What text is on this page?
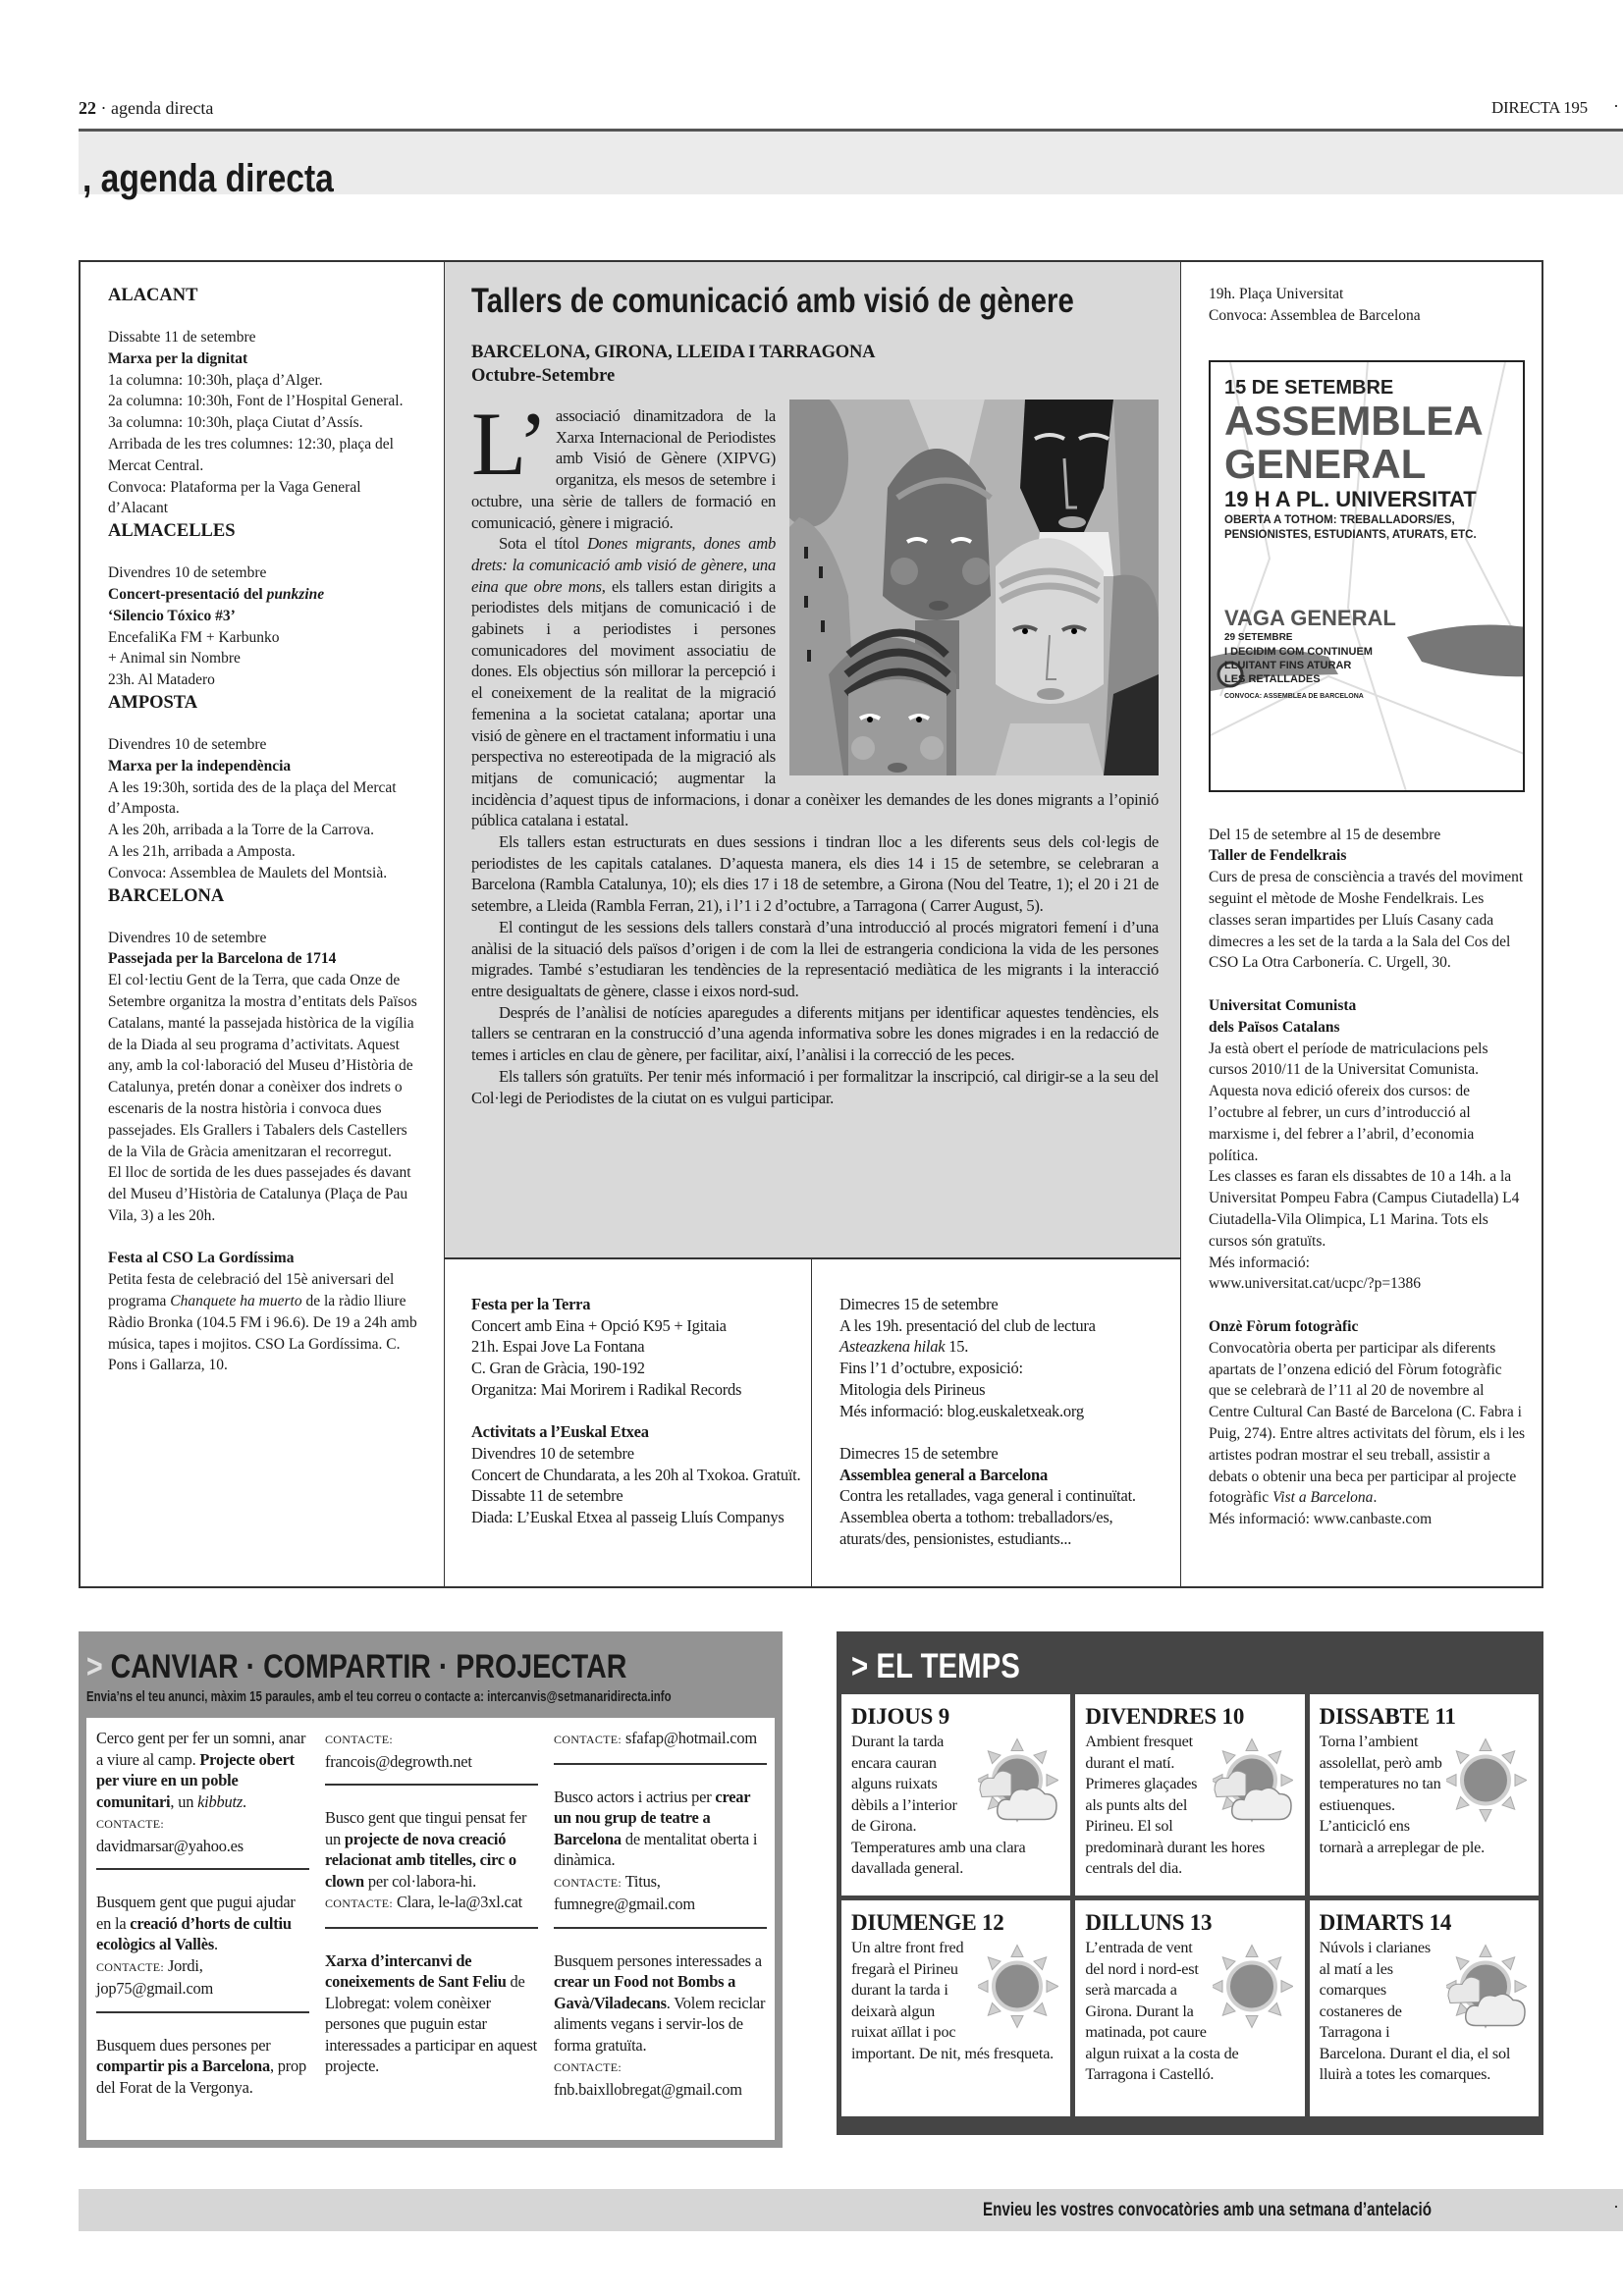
22 · agenda directa	DIRECTA 195 ·
, agenda directa
ALACANT
Dissabte 11 de setembre
Marxa per la dignitat
1a columna: 10:30h, plaça d’Alger.
2a columna: 10:30h, Font de l’Hospital General.
3a columna: 10:30h, plaça Ciutat d’Assís.
Arribada de les tres columnes: 12:30, plaça del Mercat Central.
Convoca: Plataforma per la Vaga General d’Alacant
ALMACELLES
Divendres 10 de setembre
Concert-presentació del punkzine
‘Silencio Tóxico #3’
EncefaliKa FM + Karbunko
+ Animal sin Nombre
23h. Al Matadero
AMPOSTA
Divendres 10 de setembre
Marxa per la independència
A les 19:30h, sortida des de la plaça del Mercat d’Amposta.
A les 20h, arribada a la Torre de la Carrova.
A les 21h, arribada a Amposta.
Convoca: Assemblea de Maulets del Montsià.
BARCELONA
Divendres 10 de setembre
Passejada per la Barcelona de 1714
El col·lectiu Gent de la Terra, que cada Onze de Setembre organitza la mostra d’entitats dels Països Catalans, manté la passejada històrica de la vigília de la Diada al seu programa d’activitats. Aquest any, amb la col·laboració del Museu d’Història de Catalunya, pretén donar a conèixer dos indrets o escenaris de la nostra història i convoca dues passejades. Els Grallers i Tabalers dels Castellers de la Vila de Gràcia amenitzaran el recorregut.
El lloc de sortida de les dues passejades és davant del Museu d’Història de Catalunya (Plaça de Pau Vila, 3) a les 20h.
Festa al CSO La Gordíssima
Petita festa de celebració del 15è aniversari del programa Chanquete ha muerto de la ràdio lliure Ràdio Bronka (104.5 FM i 96.6). De 19 a 24h amb música, tapes i mojitos. CSO La Gordíssima. C. Pons i Gallarza, 10.
Tallers de comunicació amb visió de gènere
BARCELONA, GIRONA, LLEIDA I TARRAGONA
Octubre-Setembre
L’ associació dinamitzadora de la Xarxa Internacional de Periodistes amb Visió de Gènere (XIPVG) organitza, els mesos de setembre i octubre, una sèrie de tallers de formació en comunicació, gènere i migració.

Sota el títol Dones migrants, dones amb drets: la comunicació amb visió de gènere, una eina que obre mons, els tallers estan dirigits a periodistes dels mitjans de comunicació i de gabinets i a periodistes i persones comunicadores del moviment associatiu de dones. Els objectius són millorar la percepció i el coneixement de la realitat de la migració femenina a la societat catalana; aportar una visió de gènere en el tractament informatiu i una perspectiva no estereotipada de la migració als mitjans de comunicació; augmentar la incidència d’aquest tipus de informacions, i donar a conèixer les demandes de les dones migrants a l’opinió pública catalana i estatal.

Els tallers estan estructurats en dues sessions i tindran lloc a les diferents seus dels col·legis de periodistes de les capitals catalanes. D’aquesta manera, els dies 14 i 15 de setembre, se celebraran a Barcelona (Rambla Catalunya, 10); els dies 17 i 18 de setembre, a Girona (Nou del Teatre, 1); el 20 i 21 de setembre, a Lleida (Rambla Ferran, 21), i l’1 i 2 d’octubre, a Tarragona ( Carrer August, 5).

El contingut de les sessions dels tallers constarà d’una introducció al procés migratori femení i d’una anàlisi de la situació dels països d’origen i de com la llei de estrangeria condiciona la vida de les persones migrades. També s’estudiaran les tendències de la representació mediàtica de les migrants i la interacció entre desigualtats de gènere, classe i eixos nord-sud.

Després de l’anàlisi de notícies aparegudes a diferents mitjans per identificar aquestes tendències, els tallers se centraran en la construcció d’una agenda informativa sobre les dones migrades i en la redacció de temes i articles en clau de gènere, per facilitar, així, l’anàlisi i la correcció de les peces.

Els tallers són gratuïts. Per tenir més informació i per formalitzar la inscripció, cal dirigir-se a la seu del Col·legi de Periodistes de la ciutat on es vulgui participar.

Festa per la Terra
Concert amb Eina + Opció K95 + Igitaia
21h. Espai Jove La Fontana
C. Gran de Gràcia, 190-192
Organitza: Mai Morirem i Radikal Records
Activitats a l’Euskal Etxea
Divendres 10 de setembre
Concert de Chundarata, a les 20h al Txokoa. Gratuït.
Dissabte 11 de setembre
Diada: L’Euskal Etxea al passeig Lluís Companys
Dimecres 15 de setembre
A les 19h. presentació del club de lectura
Asteazkena hilak 15.
Fins l’1 d’octubre, exposició:
Mitologia dels Pirineus
Més informació: blog.euskaletxeak.org
Dimecres 15 de setembre
Assemblea general a Barcelona
Contra les retallades, vaga general i continuïtat. Assemblea oberta a tothom: treballadors/es, aturats/des, pensionistes, estudiants...
19h. Plaça Universitat
Convoca: Assemblea de Barcelona
15 DE SETEMBRE
ASSEMBLEA
GENERAL
19 H A PL. UNIVERSITAT
OBERTA A TOTHOM: TREBALLADORS/ES,
PENSIONISTES, ESTUDIANTS, ATURATS, ETC.
VAGA GENERAL
29 SETEMBRE
I DECIDIM COM CONTINUEM
LLUITANT FINS ATURAR
LES RETALLADES
CONVOCA: ASSEMBLEA DE BARCELONA
Del 15 de setembre al 15 de desembre
Taller de Fendelkrais
Curs de presa de consciència a través del moviment seguint el mètode de Moshe Fendelkrais. Les classes seran impartides per Lluís Casany cada dimecres a les set de la tarda a la Sala del Cos del CSO La Otra Carbonería. C. Urgell, 30.
Universitat Comunista
dels Països Catalans
Ja està obert el període de matriculacions pels cursos 2010/11 de la Universitat Comunista. Aquesta nova edició ofereix dos cursos: de l’octubre al febrer, un curs d’introducció al marxisme i, del febrer a l’abril, d’economia política.
Les classes es faran els dissabtes de 10 a 14h. a la Universitat Pompeu Fabra (Campus Ciutadella) L4 Ciutadella-Vila Olimpica, L1 Marina. Tots els cursos són gratuïts.
Més informació:
www.universitat.cat/ucpc/?p=1386
Onzè Fòrum fotogràfic
Convocatòria oberta per participar als diferents apartats de l’onzena edició del Fòrum fotogràfic que se celebrarà de l’11 al 20 de novembre al Centre Cultural Can Basté de Barcelona (C. Fabra i Puig, 274). Entre altres activitats del fòrum, els i les artistes podran mostrar el seu treball, assistir a debats o obtenir una beca per participar al projecte fotogràfic Vist a Barcelona.
Més informació: www.canbaste.com
> CANVIAR · COMPARTIR · PROJECTAR
Envia’ns el teu anunci, màxim 15 paraules, amb el teu correu o contacte a: intercanvis@setmanaridirecta.info
Cerco gent per fer un somni, anar a viure al camp. Projecte obert per viure en un poble comunitari, un kibbutz.
CONTACTE: davidmarsar@yahoo.es
Busquem gent que pugui ajudar en la creació d’horts de cultiu ecològics al Vallès.
CONTACTE: Jordi, jop75@gmail.com
Busquem dues persones per compartir pis a Barcelona, prop del Forat de la Vergonya.
CONTACTE: francois@degrowth.net
Busco gent que tingui pensat fer un projecte de nova creació relacionat amb titelles, circ o clown per col·labora-hi.
CONTACTE: Clara, le-la@3xl.cat
Xarxa d’intercanvi de coneixements de Sant Feliu de Llobregat: volem conèixer persones que puguin estar interessades a participar en aquest projecte.
CONTACTE: sfafap@hotmail.com
Busco actors i actrius per crear un nou grup de teatre a Barcelona de mentalitat oberta i dinàmica.
CONTACTE: Titus, fumnegre@gmail.com
Busquem persones interessades a crear un Food not Bombs a Gavà/Viladecans. Volem reciclar aliments vegans i servir-los de forma gratuïta.
CONTACTE: fnb.baixllobregat@gmail.com
> EL TEMPS
DIJOUS 9
Durant la tarda encara cauran alguns ruixats dèbils a l’interior de Girona. Temperatures amb una clara davallada general.
DIVENDRES 10
Ambient fresquet durant el matí. Primeres glaçades als punts alts del Pirineu. El sol predominarà durant les hores centrals del dia.
DISSABTE 11
Torna l’ambient assolellat, però amb temperatures no tan estiuenques. L’anticicló ens tornarà a arreplegar de ple.
DIUMENGE 12
Un altre front fred fregarà el Pirineu durant la tarda i deixarà algun ruixat aïllat i poc important. De nit, més fresqueta.
DILLUNS 13
L’entrada de vent del nord i nord-est serà marcada a Girona. Durant la matinada, pot caure algun ruixat a la costa de Tarragona i Castelló.
DIMARTS 14
Núvols i clarianes al matí a les comarques costaneres de Tarragona i Barcelona. Durant el dia, el sol lluirà a totes les comarques.
Envieu les vostres convocatòries amb una setmana d’antelació	·
